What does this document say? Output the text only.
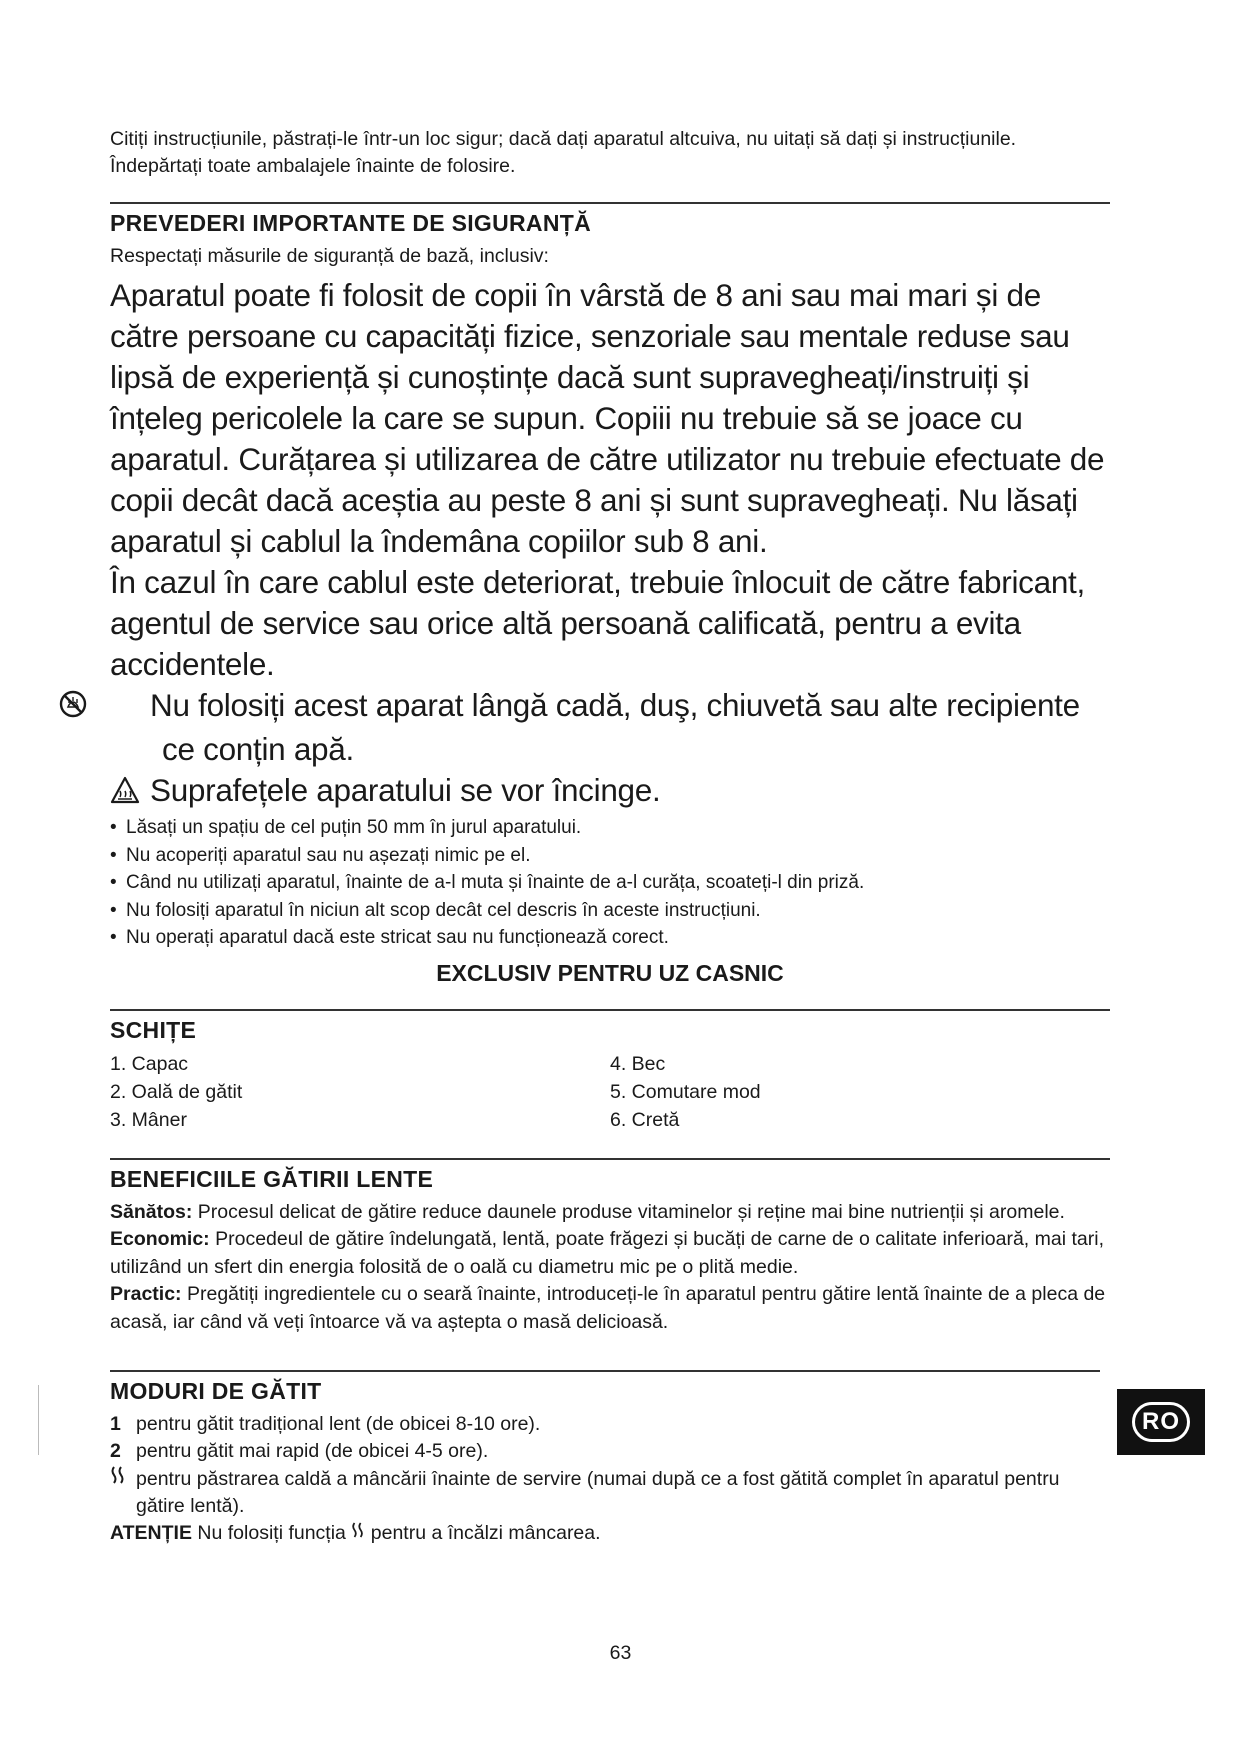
Citiți instrucțiunile, păstrați-le într-un loc sigur; dacă dați aparatul altcuiva, nu uitați să dați și instrucțiunile.

Îndepărtați toate ambalajele înainte de folosire.

PREVEDERI IMPORTANTE DE SIGURANȚĂ

Respectați măsurile de siguranță de bază, inclusiv:

Aparatul poate fi folosit de copii în vârstă de 8 ani sau mai mari și de către persoane cu capacități fizice, senzoriale sau mentale reduse sau lipsă de experiență și cunoștințe dacă sunt supravegheați/instruiți și înțeleg pericolele la care se supun. Copiii nu trebuie să se joace cu aparatul. Curățarea și utilizarea de către utilizator nu trebuie efectuate de copii decât dacă aceștia au peste 8 ani și sunt supravegheați. Nu lăsați aparatul și cablul la îndemâna copiilor sub 8 ani.

În cazul în care cablul este deteriorat, trebuie înlocuit de către fabricant, agentul de service sau orice altă persoană calificată, pentru a evita accidentele.

Nu folosiți acest aparat lângă cadă, duş, chiuvetă sau alte recipiente ce conțin apă.

Suprafețele aparatului se vor încinge.

• Lăsați un spațiu de cel puțin 50 mm în jurul aparatului.
• Nu acoperiți aparatul sau nu așezați nimic pe el.
• Când nu utilizați aparatul, înainte de a-l muta și înainte de a-l curăța, scoateți-l din priză.
• Nu folosiți aparatul în niciun alt scop decât cel descris în aceste instrucțiuni.
• Nu operați aparatul dacă este stricat sau nu funcționează corect.
EXCLUSIV PENTRU UZ CASNIC
SCHIȚE
1. Capac
2. Oală de gătit
3. Mâner
4. Bec
5. Comutare mod
6. Cretă
BENEFICIILE GĂTIRII LENTE

Sănătos: Procesul delicat de gătire reduce daunele produse vitaminelor și reține mai bine nutrienții și aromele.

Economic: Procedeul de gătire îndelungată, lentă, poate frăgezi și bucăți de carne de o calitate inferioară, mai tari, utilizând un sfert din energia folosită de o oală cu diametru mic pe o plită medie.

Practic: Pregătiți ingredientele cu o seară înainte, introduceți-le în aparatul pentru gătire lentă înainte de a pleca de acasă, iar când vă veți întoarce vă va aștepta o masă delicioasă.

MODURI DE GĂTIT

1 pentru gătit tradițional lent (de obicei 8-10 ore).

2 pentru gătit mai rapid (de obicei 4-5 ore).

pentru păstrarea caldă a mâncării înainte de servire (numai după ce a fost gătită complet în aparatul pentru gătire lentă).

ATENȚIE Nu folosiți funcția pentru a încălzi mâncarea.

RO
63
